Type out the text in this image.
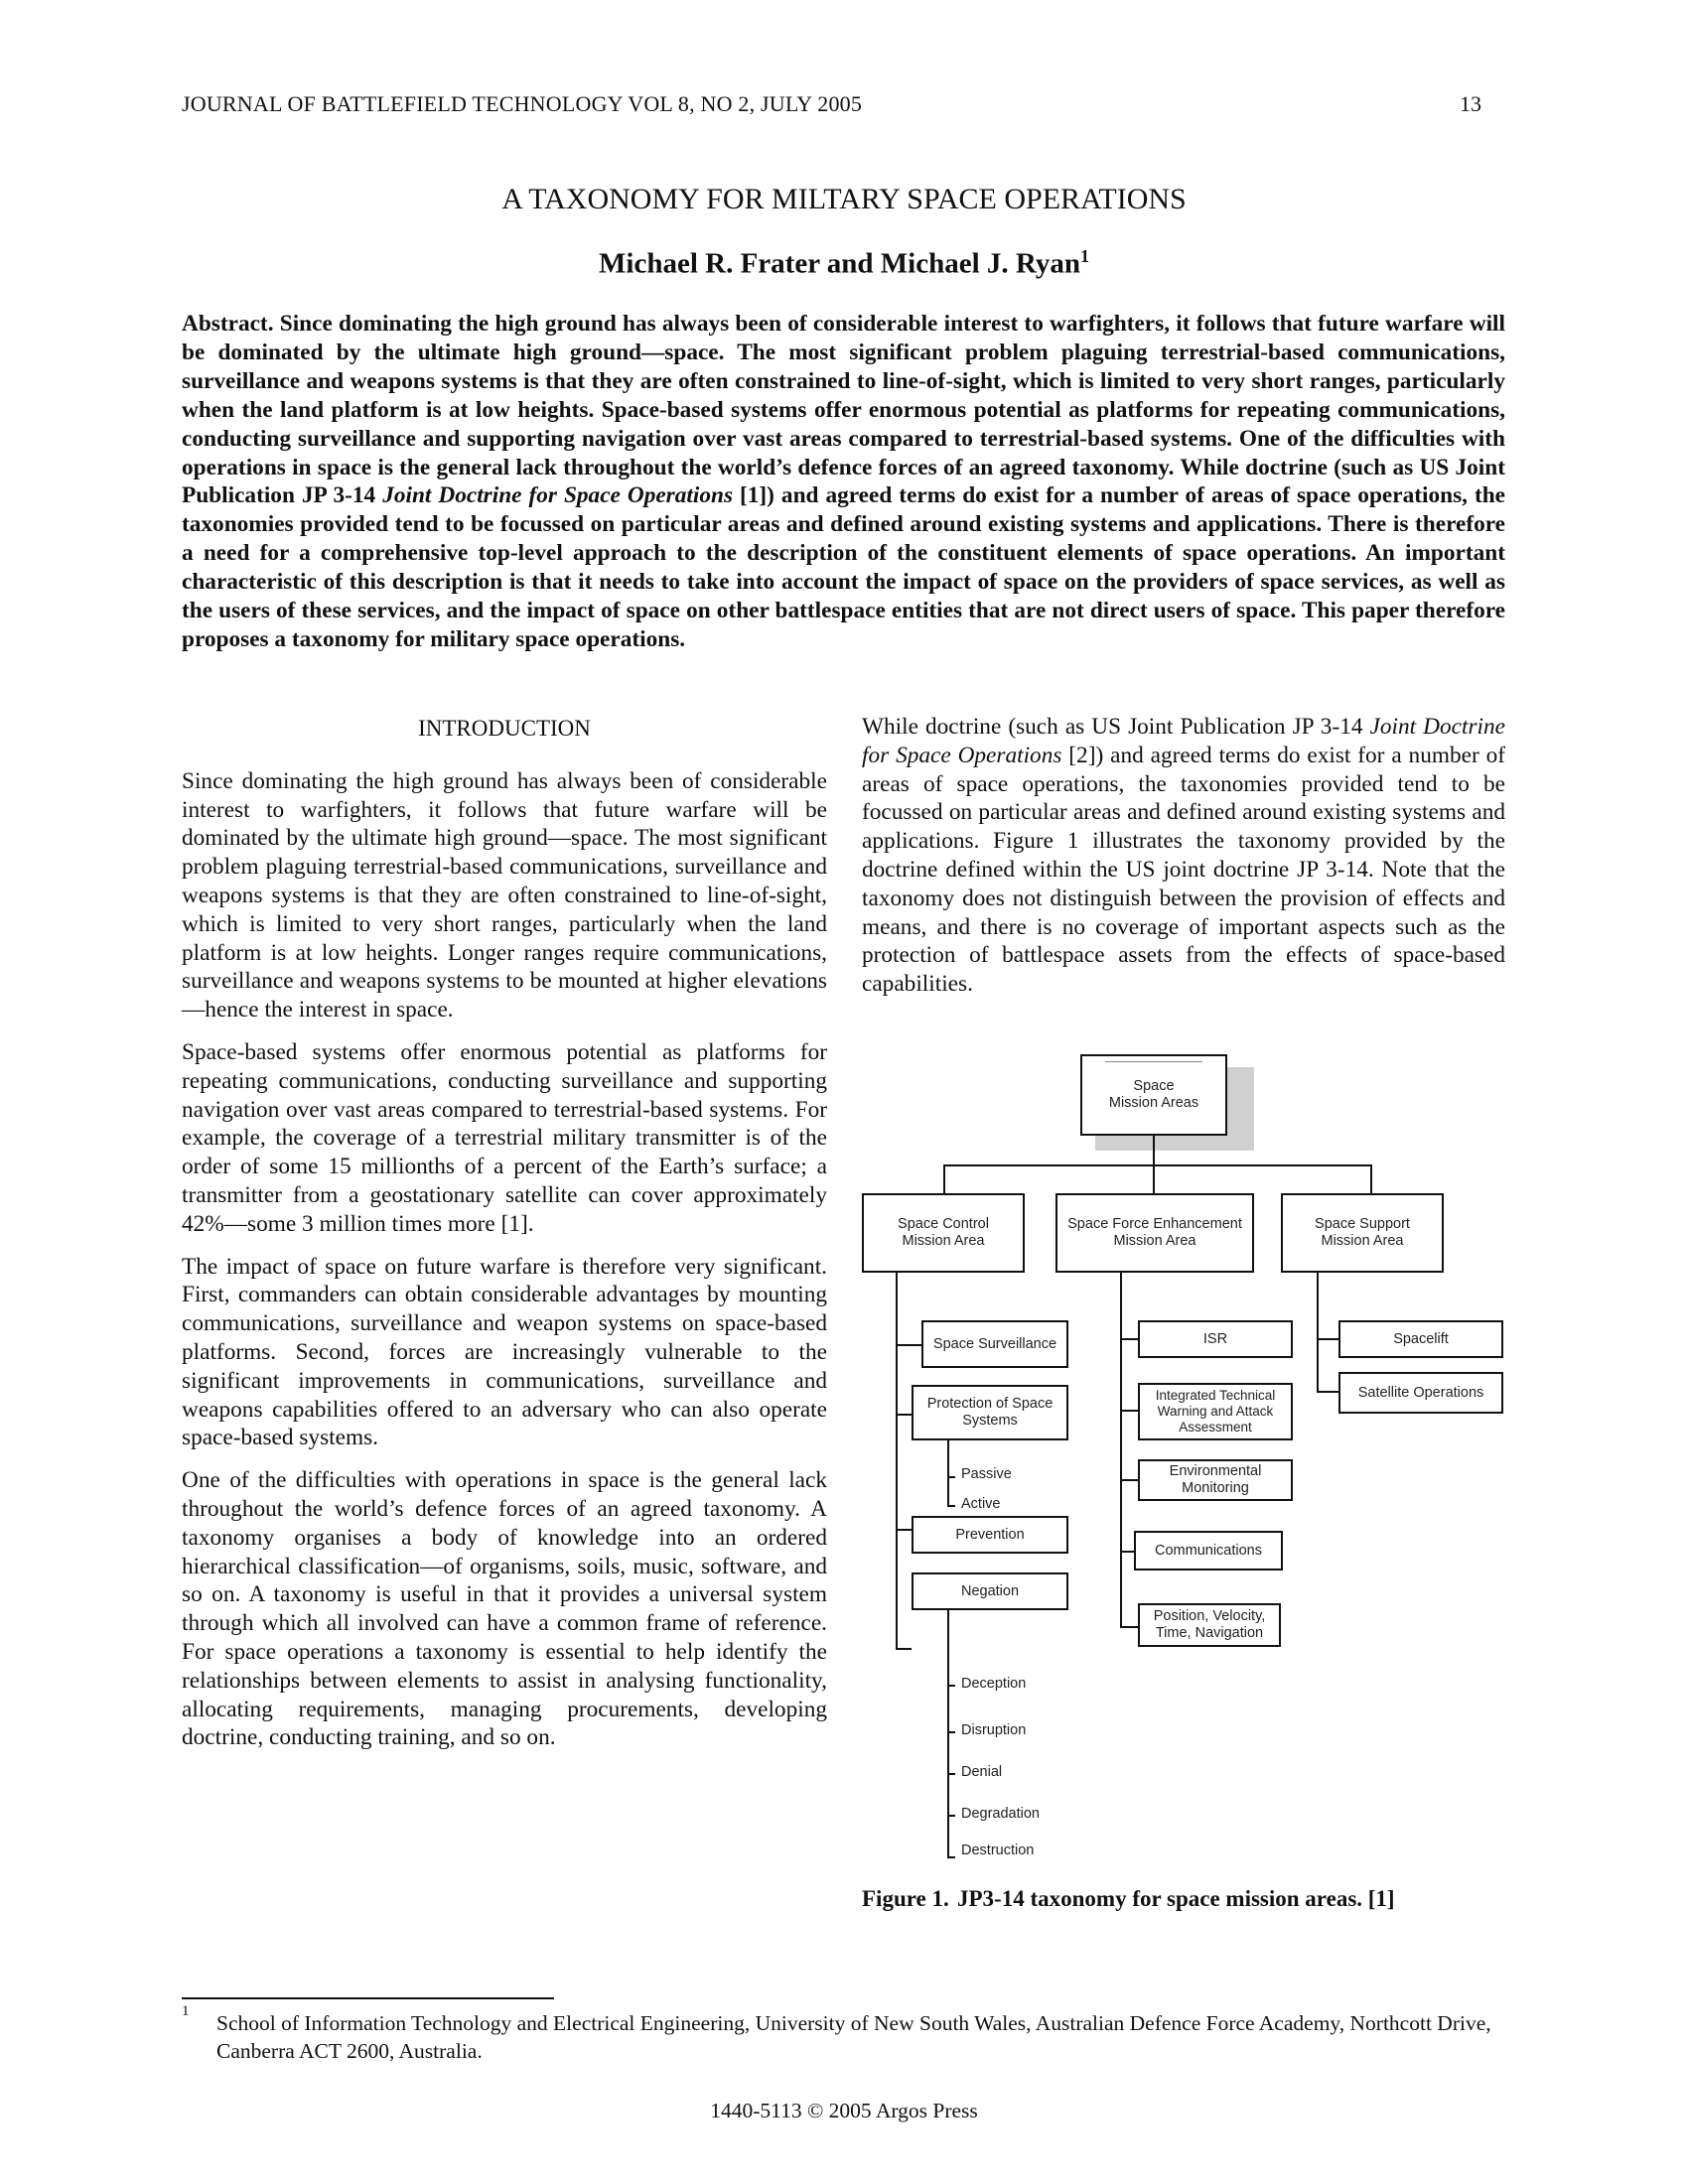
JOURNAL OF BATTLEFIELD TECHNOLOGY VOL 8, NO 2, JULY 2005	13
A TAXONOMY FOR MILTARY SPACE OPERATIONS
Michael R. Frater and Michael J. Ryan$^1$
Abstract. Since dominating the high ground has always been of considerable interest to warfighters, it follows that future warfare will be dominated by the ultimate high ground—space. The most significant problem plaguing terrestrial-based communications, surveillance and weapons systems is that they are often constrained to line-of-sight, which is limited to very short ranges, particularly when the land platform is at low heights. Space-based systems offer enormous potential as platforms for repeating communications, conducting surveillance and supporting navigation over vast areas compared to terrestrial-based systems. One of the difficulties with operations in space is the general lack throughout the world’s defence forces of an agreed taxonomy. While doctrine (such as US Joint Publication JP 3-14 Joint Doctrine for Space Operations [1]) and agreed terms do exist for a number of areas of space operations, the taxonomies provided tend to be focussed on particular areas and defined around existing systems and applications. There is therefore a need for a comprehensive top-level approach to the description of the constituent elements of space operations. An important characteristic of this description is that it needs to take into account the impact of space on the providers of space services, as well as the users of these services, and the impact of space on other battlespace entities that are not direct users of space. This paper therefore proposes a taxonomy for military space operations.
INTRODUCTION

Since dominating the high ground has always been of considerable interest to warfighters, it follows that future warfare will be dominated by the ultimate high ground—space. The most significant problem plaguing terrestrial-based communications, surveillance and weapons systems is that they are often constrained to line-of-sight, which is limited to very short ranges, particularly when the land platform is at low heights. Longer ranges require communications, surveillance and weapons systems to be mounted at higher elevations—hence the interest in space.

Space-based systems offer enormous potential as platforms for repeating communications, conducting surveillance and supporting navigation over vast areas compared to terrestrial-based systems. For example, the coverage of a terrestrial military transmitter is of the order of some 15 millionths of a percent of the Earth’s surface; a transmitter from a geostationary satellite can cover approximately 42%—some 3 million times more [1].

The impact of space on future warfare is therefore very significant. First, commanders can obtain considerable advantages by mounting communications, surveillance and weapon systems on space-based platforms. Second, forces are increasingly vulnerable to the significant improvements in communications, surveillance and weapons capabilities offered to an adversary who can also operate space-based systems.

One of the difficulties with operations in space is the general lack throughout the world’s defence forces of an agreed taxonomy. A taxonomy organises a body of knowledge into an ordered hierarchical classification—of organisms, soils, music, software, and so on. A taxonomy is useful in that it provides a universal system through which all involved can have a common frame of reference. For space operations a taxonomy is essential to help identify the relationships between elements to assist in analysing functionality, allocating requirements, managing procurements, developing doctrine, conducting training, and so on.

While doctrine (such as US Joint Publication JP 3-14 Joint Doctrine for Space Operations [2]) and agreed terms do exist for a number of areas of space operations, the taxonomies provided tend to be focussed on particular areas and defined around existing systems and applications. Figure 1 illustrates the taxonomy provided by the doctrine defined within the US joint doctrine JP 3-14. Note that the taxonomy does not distinguish between the provision of effects and means, and there is no coverage of important aspects such as the protection of battlespace assets from the effects of space-based capabilities.

Space
Mission Areas
Space Control
Mission Area
Space Force Enhancement
Mission Area
Space Support
Mission Area
Space Surveillance
Protection of Space
Systems
Prevention
Negation
Passive
Active
Deception
Disruption
Denial
Degradation
Destruction
ISR
Integrated Technical
Warning and Attack
Assessment
Environmental
Monitoring
Communications
Position, Velocity,
Time, Navigation
Spacelift
Satellite Operations
Figure 1. JP3-14 taxonomy for space mission areas. [1]
1 School of Information Technology and Electrical Engineering, University of New South Wales, Australian Defence Force Academy, Northcott Drive, Canberra ACT 2600, Australia.
1440-5113 © 2005 Argos Press
